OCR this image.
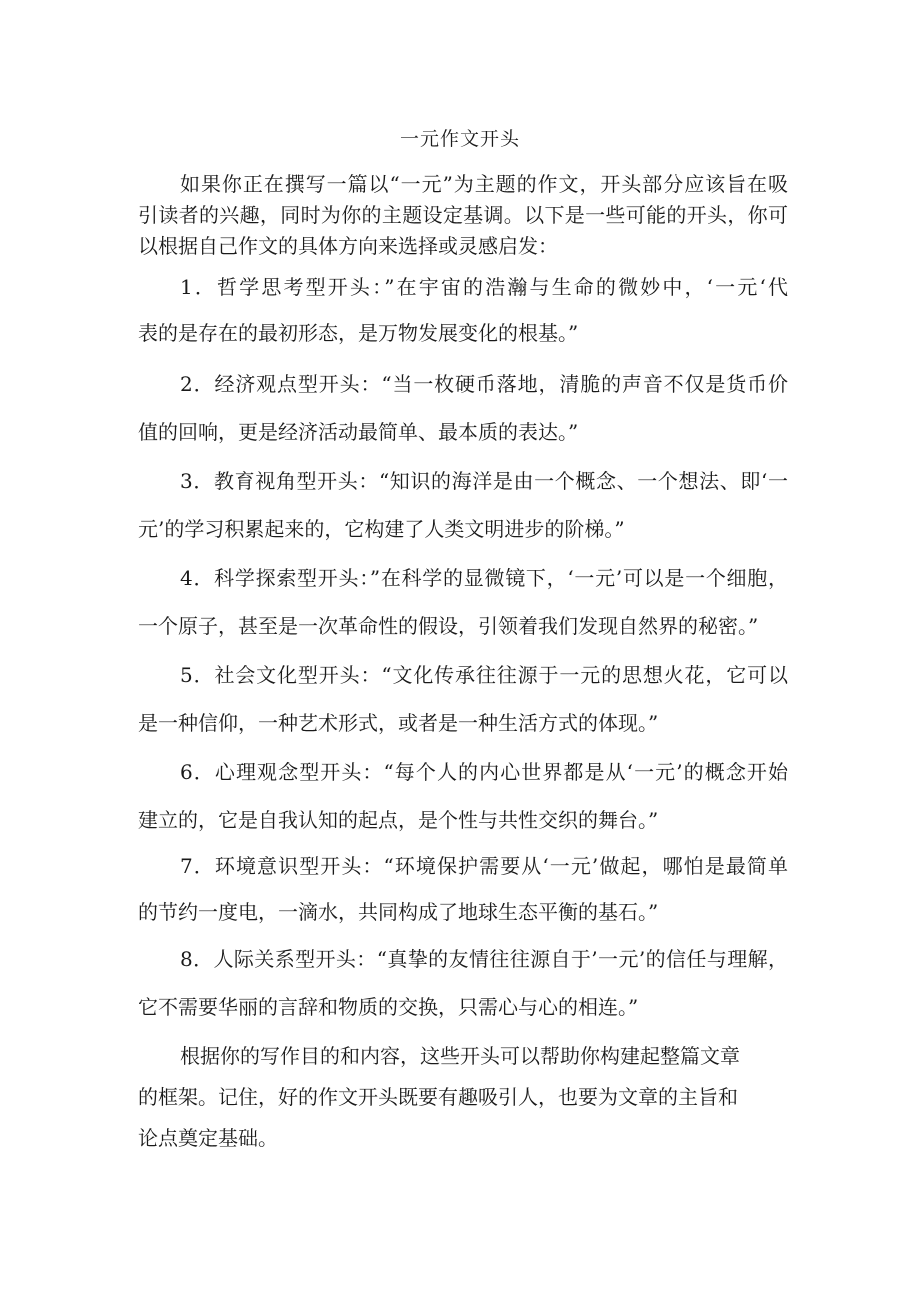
一元作文开头
如果你正在撰写一篇以“一元”为主题的作文，开头部分应该旨在吸
引读者的兴趣，同时为你的主题设定基调。以下是一些可能的开头，你可
以根据自己作文的具体方向来选择或灵感启发：
1．哲学思考型开头：”在宇宙的浩瀚与生命的微妙中，‘一元‘代
表的是存在的最初形态，是万物发展变化的根基。”
2．经济观点型开头：“当一枚硬币落地，清脆的声音不仅是货币价
值的回响，更是经济活动最简单、最本质的表达。”
3．教育视角型开头：“知识的海洋是由一个概念、一个想法、即‘一
元’的学习积累起来的，它构建了人类文明进步的阶梯。”
4．科学探索型开头：”在科学的显微镜下，‘一元’可以是一个细胞，
一个原子，甚至是一次革命性的假设，引领着我们发现自然界的秘密。”
5．社会文化型开头：“文化传承往往源于一元的思想火花，它可以
是一种信仰，一种艺术形式，或者是一种生活方式的体现。”
6．心理观念型开头：“每个人的内心世界都是从‘一元’的概念开始
建立的，它是自我认知的起点，是个性与共性交织的舞台。”
7．环境意识型开头：“环境保护需要从‘一元’做起，哪怕是最简单
的节约一度电，一滴水，共同构成了地球生态平衡的基石。”
8．人际关系型开头：“真挚的友情往往源自于’一元’的信任与理解，
它不需要华丽的言辞和物质的交换，只需心与心的相连。”
根据你的写作目的和内容，这些开头可以帮助你构建起整篇文章
的框架。记住，好的作文开头既要有趣吸引人，也要为文章的主旨和
论点奠定基础。
